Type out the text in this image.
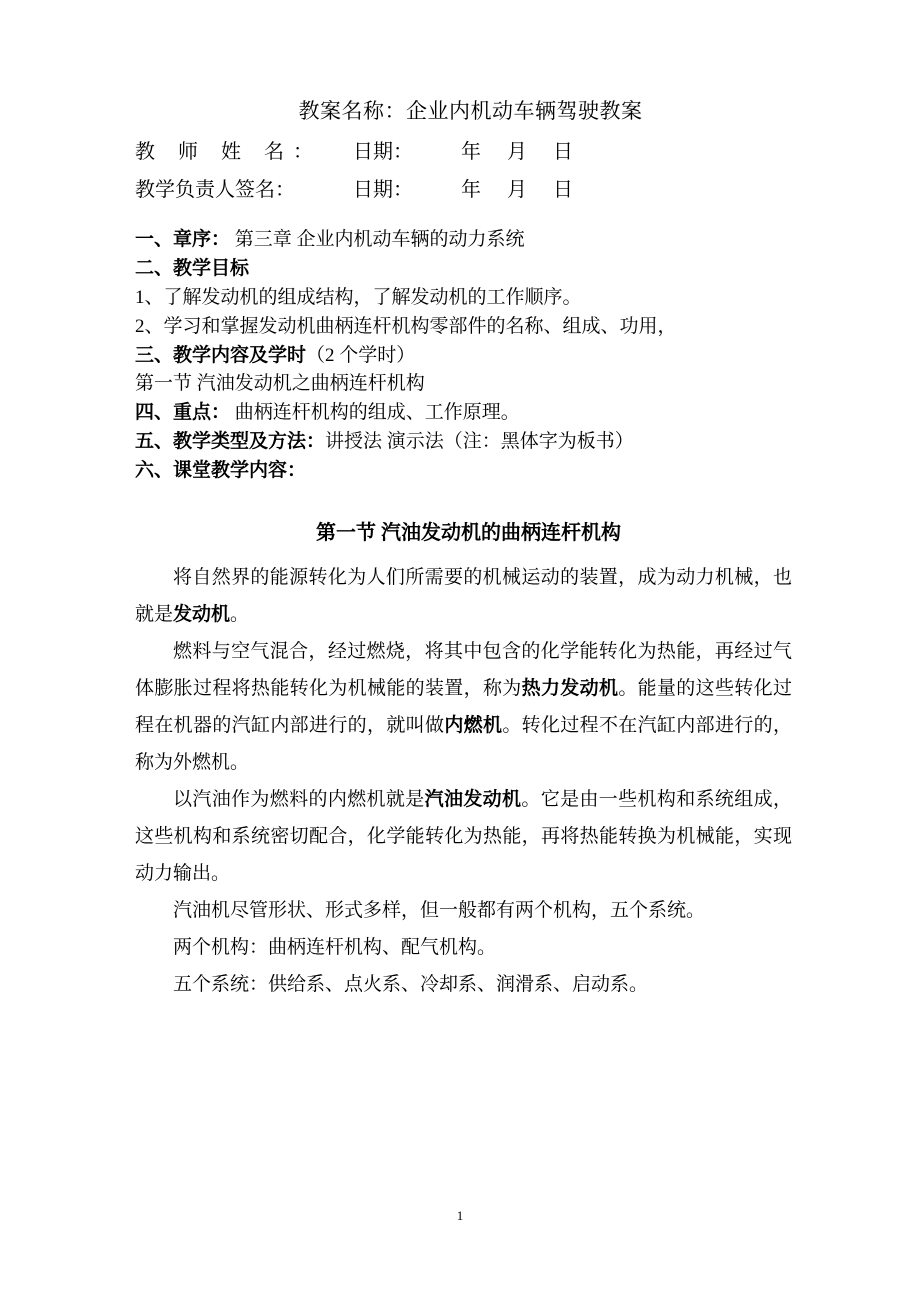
教案名称：企业内机动车辆驾驶教案
教 师 姓 名：	日期：	年 月 日
教学负责人签名：	日期：	年 月 日
一、章序： 第三章 企业内机动车辆的动力系统
二、教学目标
1、了解发动机的组成结构，了解发动机的工作顺序。
2、学习和掌握发动机曲柄连杆机构零部件的名称、组成、功用，
三、教学内容及学时（2 个学时）
第一节 汽油发动机之曲柄连杆机构
四、重点： 曲柄连杆机构的组成、工作原理。
五、教学类型及方法：讲授法 演示法（注：黑体字为板书）
六、课堂教学内容：
第一节 汽油发动机的曲柄连杆机构

将自然界的能源转化为人们所需要的机械运动的装置，成为动力机械，也就是发动机。

燃料与空气混合，经过燃烧，将其中包含的化学能转化为热能，再经过气体膨胀过程将热能转化为机械能的装置，称为热力发动机。能量的这些转化过程在机器的汽缸内部进行的，就叫做内燃机。转化过程不在汽缸内部进行的，称为外燃机。

以汽油作为燃料的内燃机就是汽油发动机。它是由一些机构和系统组成，这些机构和系统密切配合，化学能转化为热能，再将热能转换为机械能，实现动力输出。

汽油机尽管形状、形式多样，但一般都有两个机构，五个系统。

两个机构：曲柄连杆机构、配气机构。

五个系统：供给系、点火系、冷却系、润滑系、启动系。

1
